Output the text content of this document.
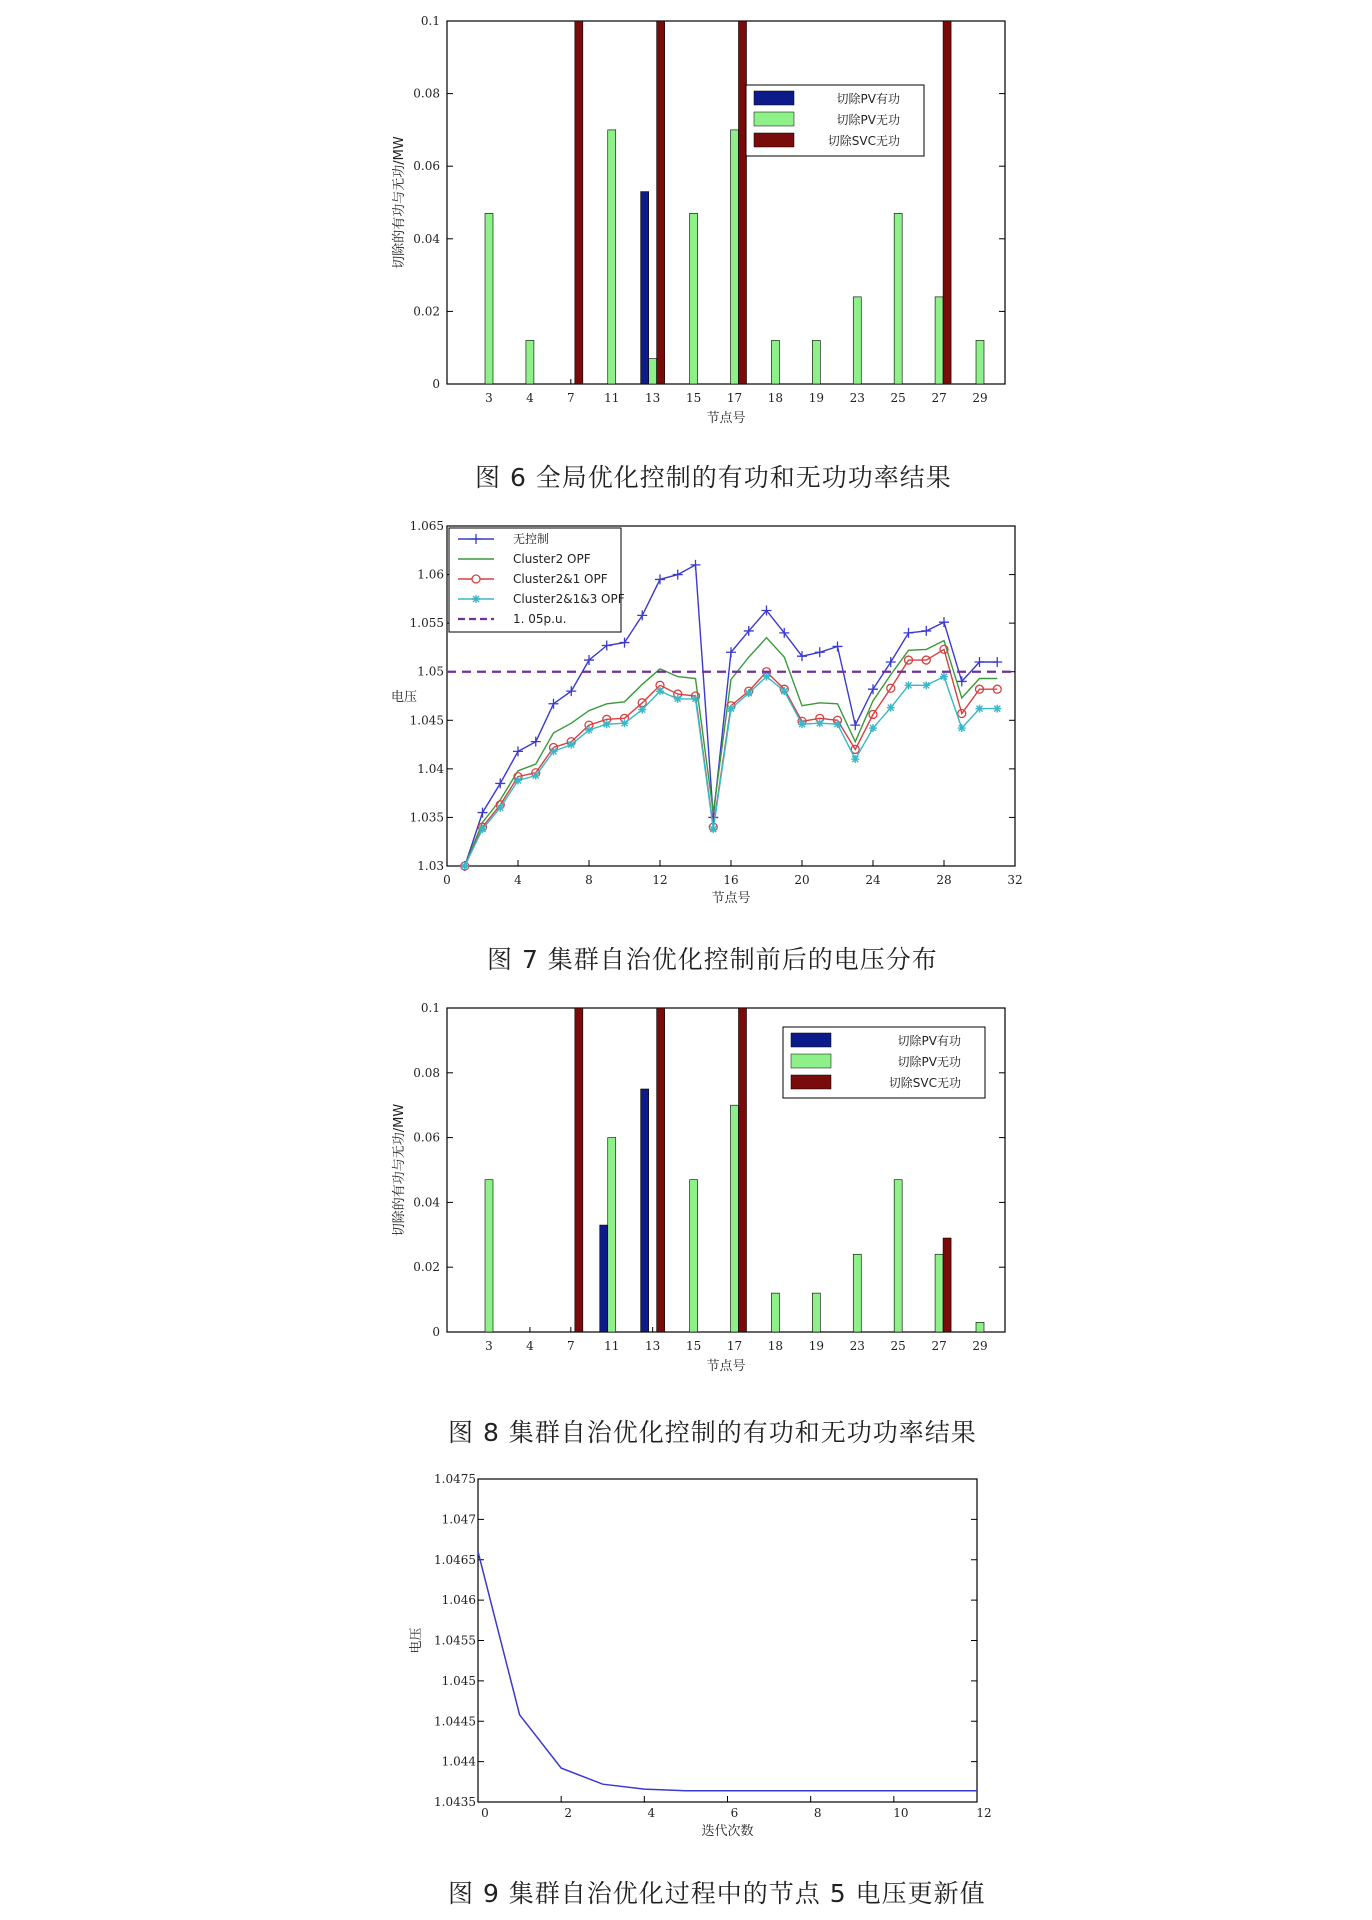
0
0.02
0.04
0.06
0.08
0.1
3	4	7 11 13 15 17 18 19 23 25 27 29
节点号
切除的有功与无功/MW
切除PV有功
切除PV无功
切除SVC无功
0
0.02
0.04
0.06
0.08
0.1
3	4	7 11 13 15 17 18 19 23 25 27 29
节点号
切除的有功与无功/MW
切除PV有功
切除PV无功
切除SVC无功
1.03
1.035
1.04
1.045
1.05
1.055
1.06
1.065
0	4	8	12	16	20	24	28	32
节点号
电压
无控制
Cluster2 OPF
Cluster2&1 OPF
Cluster2&1&3 OPF
1. 05p.u.
1.0435
1.044
1.0445
1.045
1.0455
1.046
1.0465
1.047
1.0475
0	2	4	6	8	10	12
迭代次数
电压
图 6 全局优化控制的有功和无功功率结果
图 7 集群自治优化控制前后的电压分布
图 8 集群自治优化控制的有功和无功功率结果
图 9 集群自治优化过程中的节点 5 电压更新值
